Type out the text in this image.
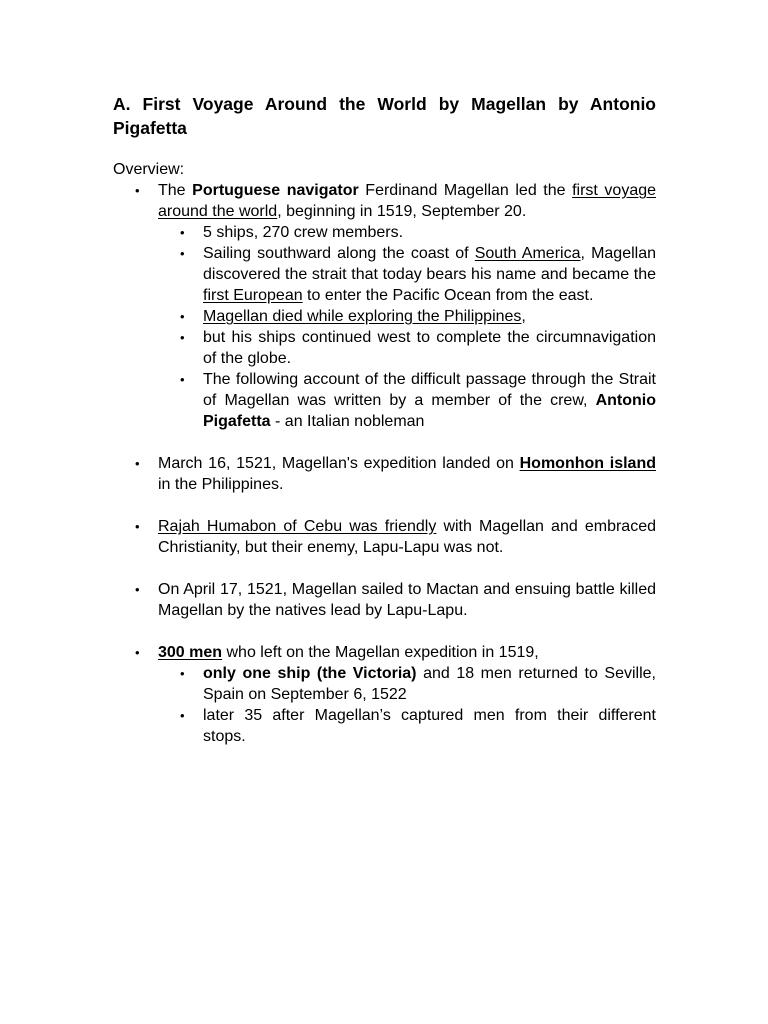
A. First Voyage Around the World by Magellan by Antonio Pigafetta
Overview:
• The Portuguese navigator Ferdinand Magellan led the first voyage around the world, beginning in 1519, September 20.
• 5 ships, 270 crew members.
• Sailing southward along the coast of South America, Magellan discovered the strait that today bears his name and became the first European to enter the Pacific Ocean from the east.
• Magellan died while exploring the Philippines,
• but his ships continued west to complete the circumnavigation of the globe.
• The following account of the difficult passage through the Strait of Magellan was written by a member of the crew, Antonio Pigafetta - an Italian nobleman
• March 16, 1521, Magellan's expedition landed on Homonhon island in the Philippines.
• Rajah Humabon of Cebu was friendly with Magellan and embraced Christianity, but their enemy, Lapu-Lapu was not.
• On April 17, 1521, Magellan sailed to Mactan and ensuing battle killed Magellan by the natives lead by Lapu-Lapu.
• 300 men who left on the Magellan expedition in 1519,
• only one ship (the Victoria) and 18 men returned to Seville, Spain on September 6, 1522
• later 35 after Magellan’s captured men from their different stops.
